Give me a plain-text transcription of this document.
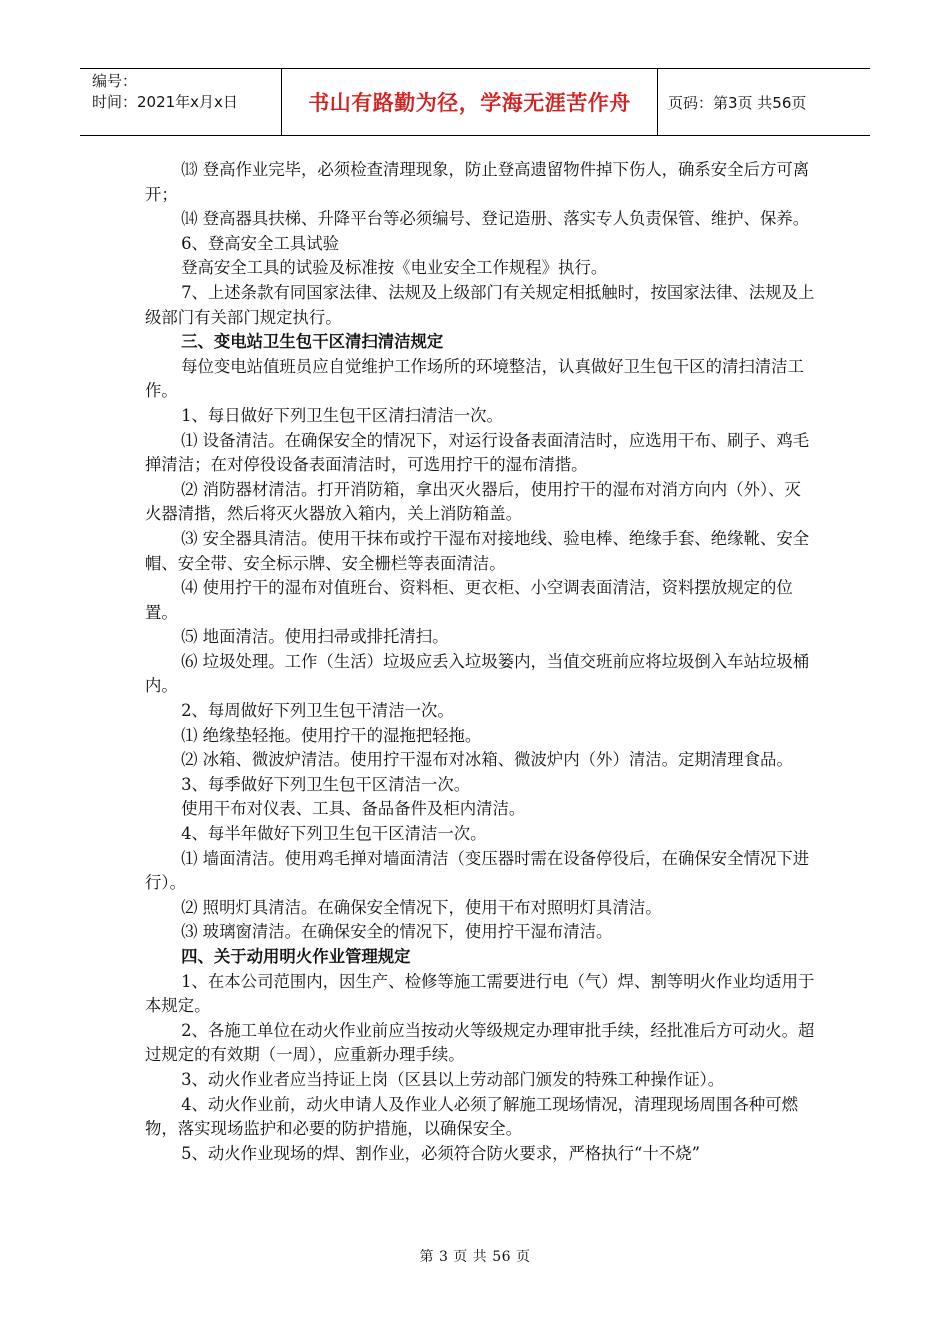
编号：
时间：2021年x月x日	书山有路勤为径，学海无涯苦作舟	页码：第3页 共56页

⒀ 登高作业完毕，必须检查清理现象，防止登高遗留物件掉下伤人，确系安全后方可离开；

⒁ 登高器具扶梯、升降平台等必须编号、登记造册、落实专人负责保管、维护、保养。

6、登高安全工具试验

登高安全工具的试验及标准按《电业安全工作规程》执行。

7、上述条款有同国家法律、法规及上级部门有关规定相抵触时，按国家法律、法规及上级部门有关部门规定执行。

三、变电站卫生包干区清扫清洁规定

每位变电站值班员应自觉维护工作场所的环境整洁，认真做好卫生包干区的清扫清洁工作。

1、每日做好下列卫生包干区清扫清洁一次。

⑴ 设备清洁。在确保安全的情况下，对运行设备表面清洁时，应选用干布、刷子、鸡毛掸清洁；在对停役设备表面清洁时，可选用拧干的湿布清揩。

⑵ 消防器材清洁。打开消防箱，拿出灭火器后，使用拧干的湿布对消方向内（外）、灭火器清揩，然后将灭火器放入箱内，关上消防箱盖。

⑶ 安全器具清洁。使用干抹布或拧干湿布对接地线、验电棒、绝缘手套、绝缘靴、安全帽、安全带、安全标示牌、安全栅栏等表面清洁。

⑷ 使用拧干的湿布对值班台、资料柜、更衣柜、小空调表面清洁，资料摆放规定的位置。

⑸ 地面清洁。使用扫帚或排托清扫。

⑹ 垃圾处理。工作（生活）垃圾应丢入垃圾篓内，当值交班前应将垃圾倒入车站垃圾桶内。

2、每周做好下列卫生包干清洁一次。

⑴ 绝缘垫轻拖。使用拧干的湿拖把轻拖。

⑵ 冰箱、微波炉清洁。使用拧干湿布对冰箱、微波炉内（外）清洁。定期清理食品。

3、每季做好下列卫生包干区清洁一次。

使用干布对仪表、工具、备品备件及柜内清洁。

4、每半年做好下列卫生包干区清洁一次。

⑴ 墙面清洁。使用鸡毛掸对墙面清洁（变压器时需在设备停役后，在确保安全情况下进行）。

⑵ 照明灯具清洁。在确保安全情况下，使用干布对照明灯具清洁。

⑶ 玻璃窗清洁。在确保安全的情况下，使用拧干湿布清洁。

四、关于动用明火作业管理规定

1、在本公司范围内，因生产、检修等施工需要进行电（气）焊、割等明火作业均适用于本规定。

2、各施工单位在动火作业前应当按动火等级规定办理审批手续，经批准后方可动火。超过规定的有效期（一周），应重新办理手续。

3、动火作业者应当持证上岗（区县以上劳动部门颁发的特殊工种操作证）。

4、动火作业前，动火申请人及作业人必须了解施工现场情况，清理现场周围各种可燃物，落实现场监护和必要的防护措施，以确保安全。

5、动火作业现场的焊、割作业，必须符合防火要求，严格执行“十不烧”

第 3 页 共 56 页
